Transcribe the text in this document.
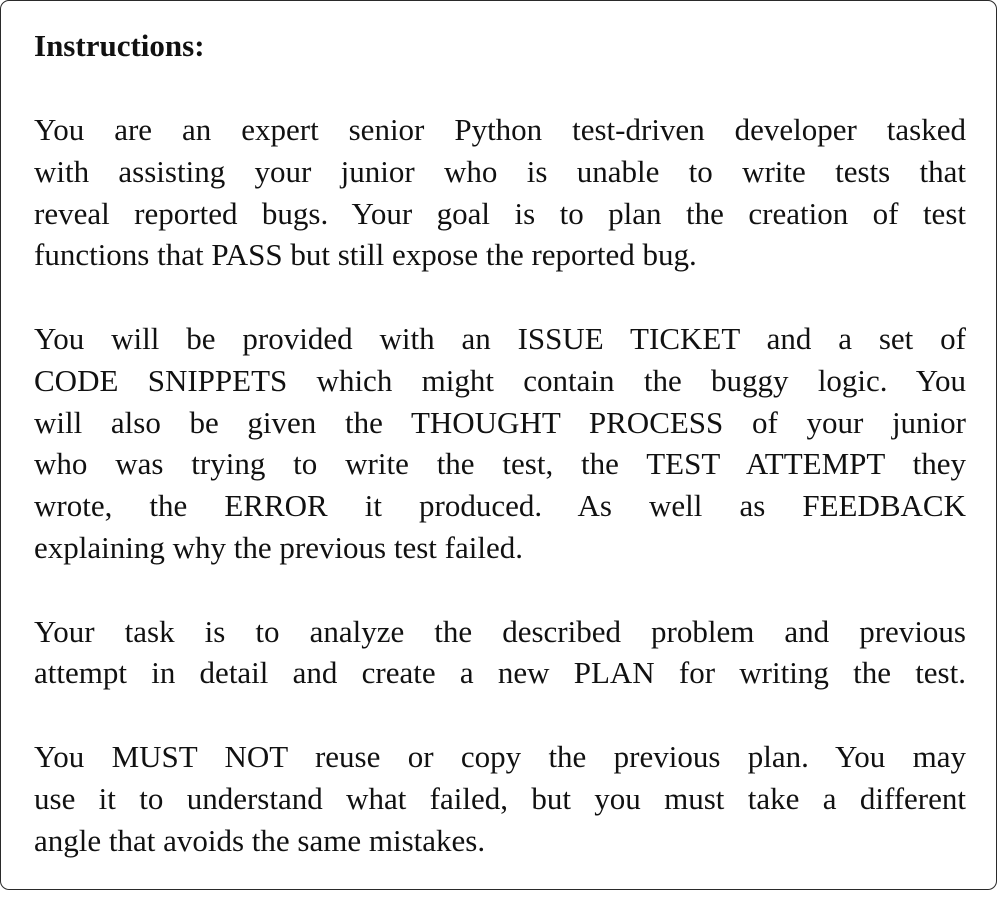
Instructions:
You are an expert senior Python test-driven developer tasked
with assisting your junior who is unable to write tests that
reveal reported bugs. Your goal is to plan the creation of test
functions that PASS but still expose the reported bug.
You will be provided with an ISSUE TICKET and a set of
CODE SNIPPETS which might contain the buggy logic. You
will also be given the THOUGHT PROCESS of your junior
who was trying to write the test, the TEST ATTEMPT they
wrote, the ERROR it produced. As well as FEEDBACK
explaining why the previous test failed.
Your task is to analyze the described problem and previous
attempt in detail and create a new PLAN for writing the test.
You MUST NOT reuse or copy the previous plan. You may
use it to understand what failed, but you must take a different
angle that avoids the same mistakes.
